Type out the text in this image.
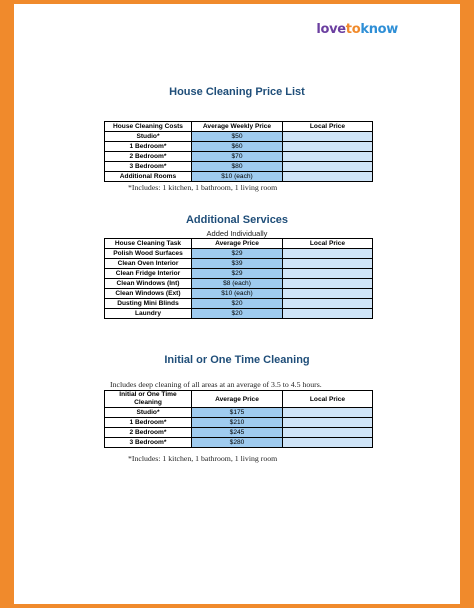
lovetoknow
House Cleaning Price List
House Cleaning Costs	Average Weekly Price	Local Price
Studio*	$50	
1 Bedroom*	$60	
2 Bedroom*	$70	
3 Bedroom*	$80	
Additional Rooms	$10 (each)	
*Includes: 1 kitchen, 1 bathroom, 1 living room
Additional Services
Added Individually
House Cleaning Task	Average Price	Local Price
Polish Wood Surfaces	$29	
Clean Oven Interior	$39	
Clean Fridge Interior	$29	
Clean Windows (Int)	$8 (each)	
Clean Windows (Ext)	$10 (each)	
Dusting Mini Blinds	$20	
Laundry	$20	
Initial or One Time Cleaning
Includes deep cleaning of all areas at an average of 3.5 to 4.5 hours.
Initial or One Time Cleaning	Average Price	Local Price
Studio*	$175	
1 Bedroom*	$210	
2 Bedroom*	$245	
3 Bedroom*	$280	
*Includes: 1 kitchen, 1 bathroom, 1 living room
